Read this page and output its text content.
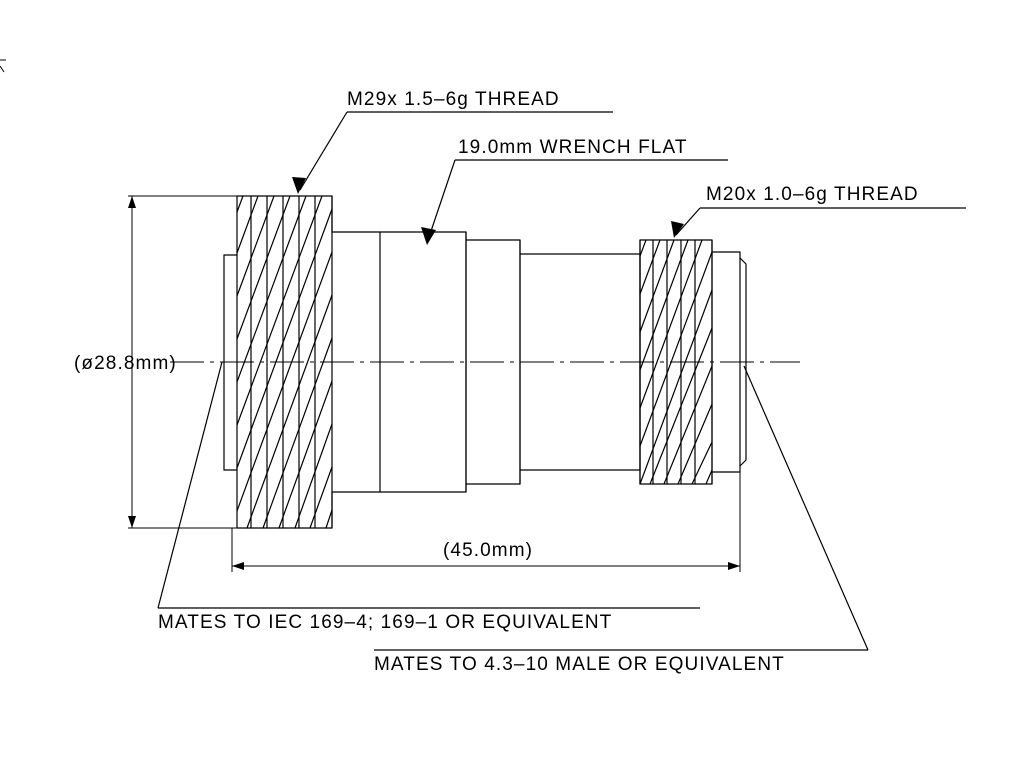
M29x 1.5–6g THREAD
19.0mm WRENCH FLAT
M20x 1.0–6g THREAD
(ø28.8mm)
(45.0mm)
MATES TO IEC 169–4; 169–1 OR EQUIVALENT
MATES TO 4.3–10 MALE OR EQUIVALENT
